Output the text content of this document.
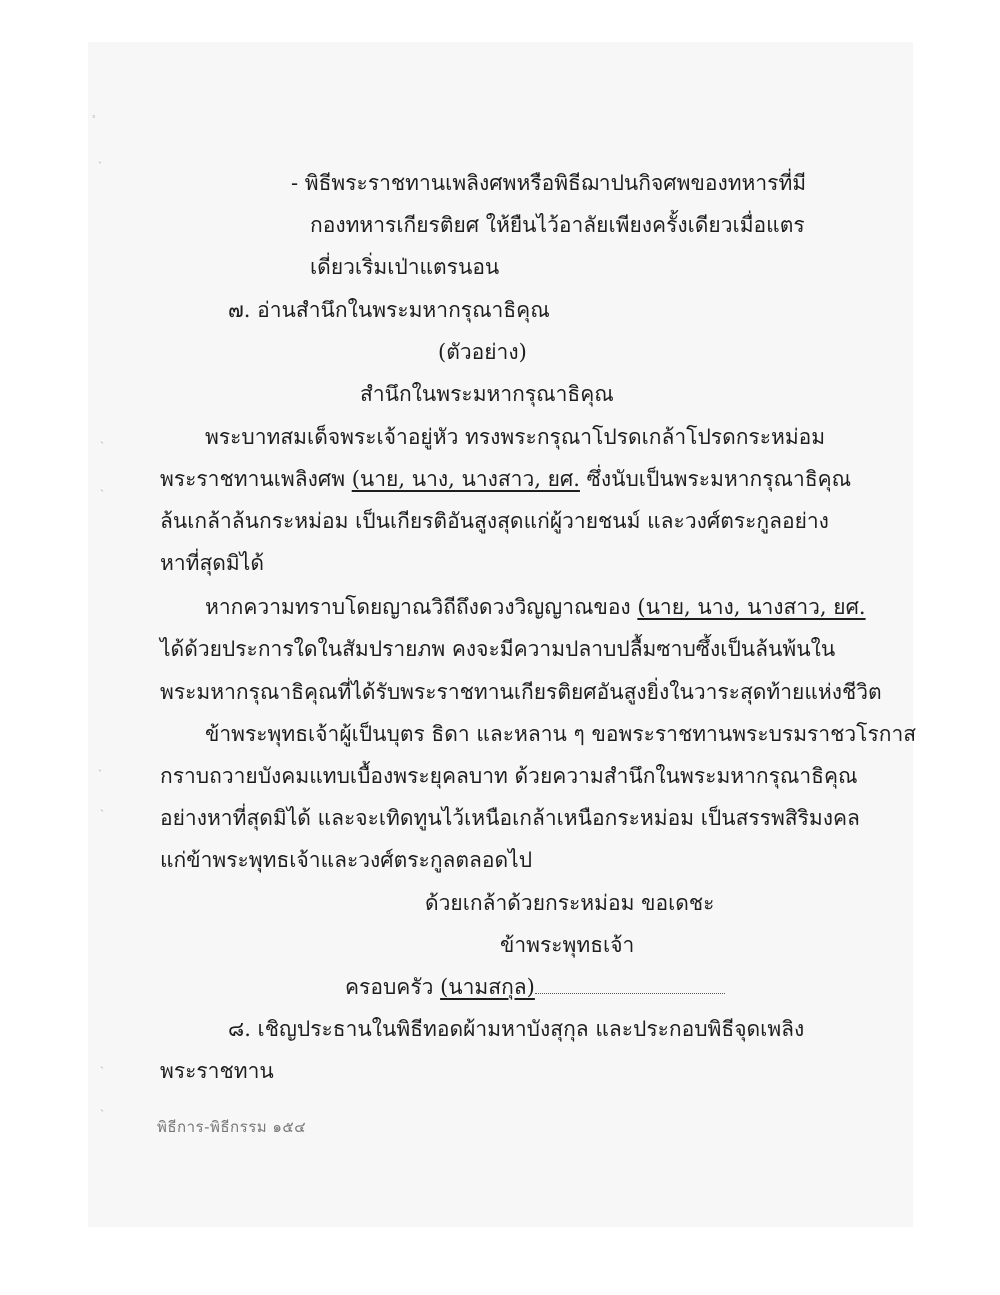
ﾟ
ˎ
ˎ
ˎ
ˎ
ˎ
ˎ
ˎ
- พิธีพระราชทานเพลิงศพหรือพิธีฌาปนกิจศพของทหารที่มี
กองทหารเกียรติยศ ให้ยืนไว้อาลัยเพียงครั้งเดียวเมื่อแตร
เดี่ยวเริ่มเป่าแตรนอน
๗. อ่านสำนึกในพระมหากรุณาธิคุณ
(ตัวอย่าง)
สำนึกในพระมหากรุณาธิคุณ
พระบาทสมเด็จพระเจ้าอยู่หัว ทรงพระกรุณาโปรดเกล้าโปรดกระหม่อม
พระราชทานเพลิงศพ (นาย, นาง, นางสาว, ยศ. ซึ่งนับเป็นพระมหากรุณาธิคุณ
ล้นเกล้าล้นกระหม่อม เป็นเกียรติอันสูงสุดแก่ผู้วายชนม์ และวงศ์ตระกูลอย่าง
หาที่สุดมิได้
หากความทราบโดยญาณวิถีถึงดวงวิญญาณของ (นาย, นาง, นางสาว, ยศ.
ได้ด้วยประการใดในสัมปรายภพ คงจะมีความปลาบปลื้มซาบซึ้งเป็นล้นพ้นใน
พระมหากรุณาธิคุณที่ได้รับพระราชทานเกียรติยศอันสูงยิ่งในวาระสุดท้ายแห่งชีวิต
ข้าพระพุทธเจ้าผู้เป็นบุตร ธิดา และหลาน ๆ ขอพระราชทานพระบรมราชวโรกาส
กราบถวายบังคมแทบเบื้องพระยุคลบาท ด้วยความสำนึกในพระมหากรุณาธิคุณ
อย่างหาที่สุดมิได้ และจะเทิดทูนไว้เหนือเกล้าเหนือกระหม่อม เป็นสรรพสิริมงคล
แก่ข้าพระพุทธเจ้าและวงศ์ตระกูลตลอดไป
ด้วยเกล้าด้วยกระหม่อม ขอเดชะ
ข้าพระพุทธเจ้า
ครอบครัว (นามสกุล)
๘. เชิญประธานในพิธีทอดผ้ามหาบังสุกุล และประกอบพิธีจุดเพลิง
พระราชทาน
พิธีการ-พิธีกรรม ๑๕๔
